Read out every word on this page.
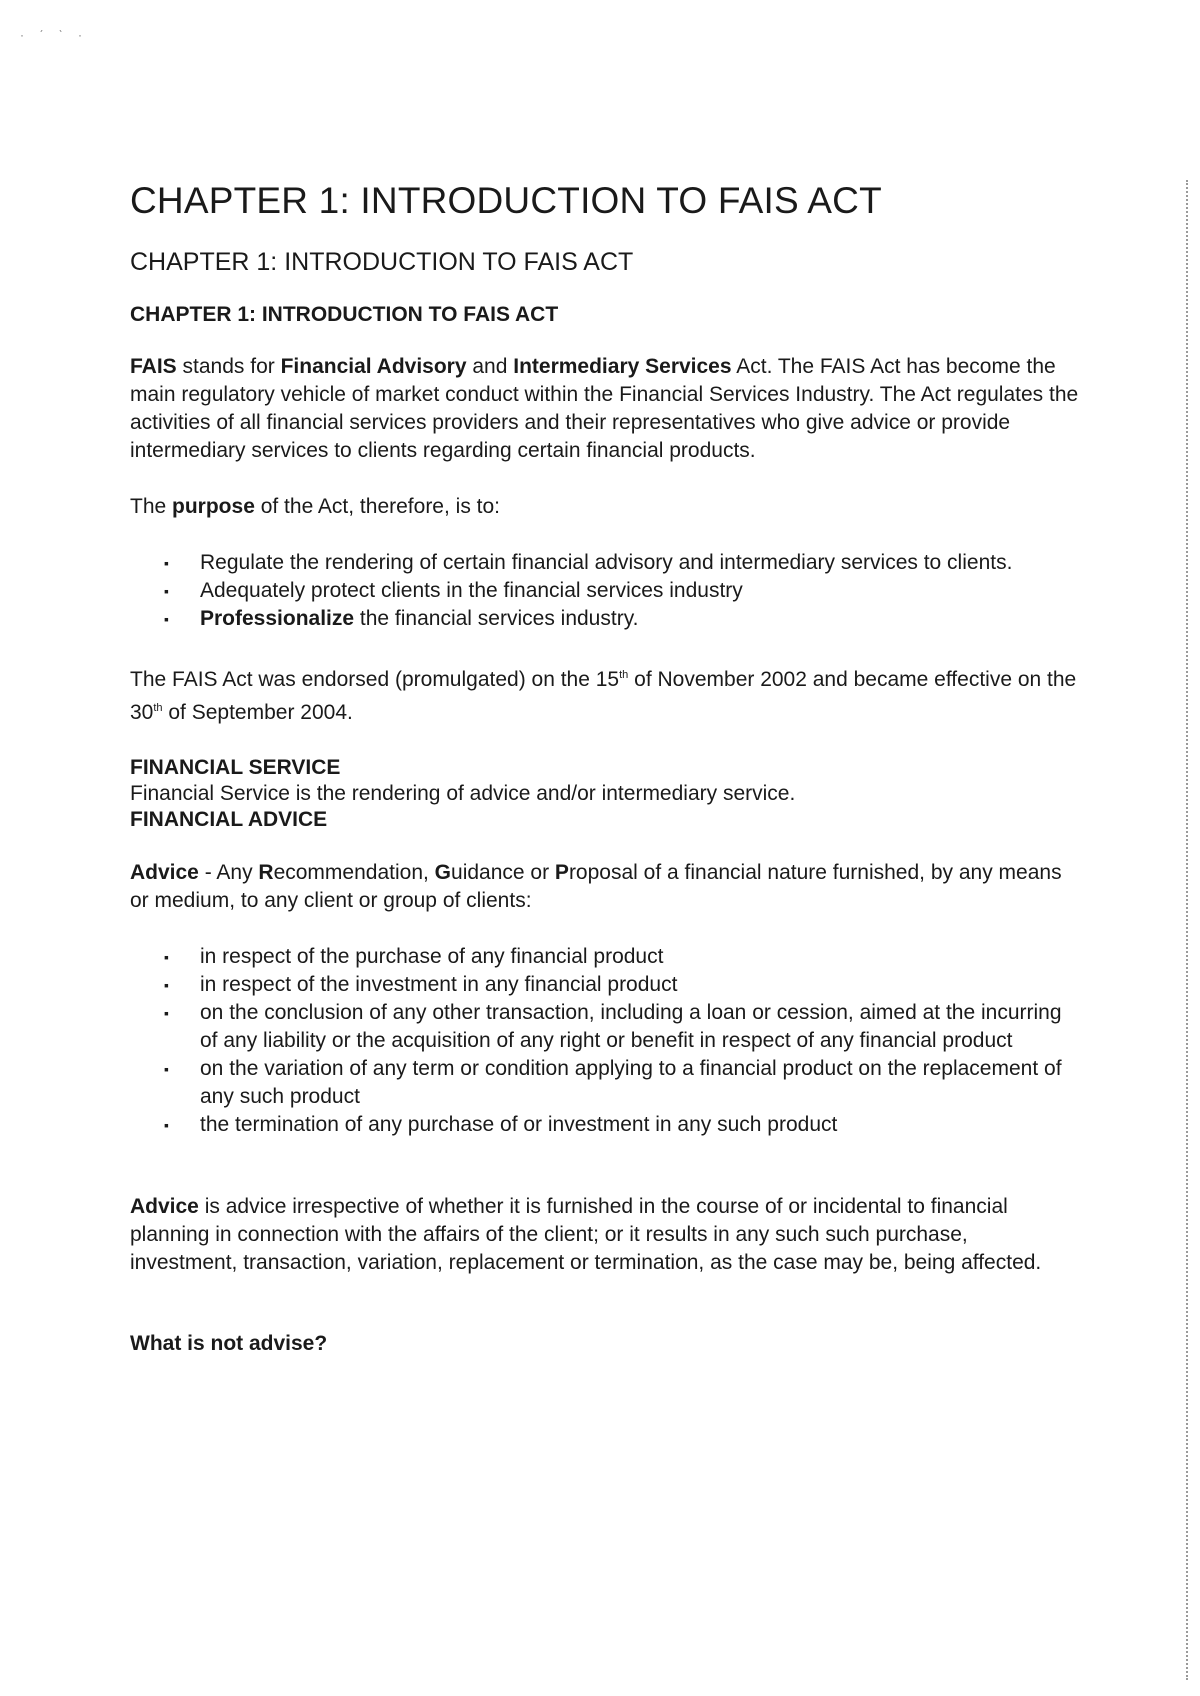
· ˊ ˋ ·
CHAPTER 1: INTRODUCTION TO FAIS ACT
CHAPTER 1: INTRODUCTION TO FAIS ACT
CHAPTER 1: INTRODUCTION TO FAIS ACT

FAIS stands for Financial Advisory and Intermediary Services Act. The FAIS Act has become the main regulatory vehicle of market conduct within the Financial Services Industry. The Act regulates the activities of all financial services providers and their representatives who give advice or provide intermediary services to clients regarding certain financial products.

The purpose of the Act, therefore, is to:

▪ Regulate the rendering of certain financial advisory and intermediary services to clients.
▪ Adequately protect clients in the financial services industry
▪ Professionalize the financial services industry.

The FAIS Act was endorsed (promulgated) on the 15th of November 2002 and became effective on the 30th of September 2004.

FINANCIAL SERVICE
Financial Service is the rendering of advice and/or intermediary service.
FINANCIAL ADVICE

Advice - Any Recommendation, Guidance or Proposal of a financial nature furnished, by any means or medium, to any client or group of clients:

▪ in respect of the purchase of any financial product
▪ in respect of the investment in any financial product
▪ on the conclusion of any other transaction, including a loan or cession, aimed at the incurring of any liability or the acquisition of any right or benefit in respect of any financial product
▪ on the variation of any term or condition applying to a financial product on the replacement of any such product
▪ the termination of any purchase of or investment in any such product

Advice is advice irrespective of whether it is furnished in the course of or incidental to financial planning in connection with the affairs of the client; or it results in any such such purchase, investment, transaction, variation, replacement or termination, as the case may be, being affected.

What is not advise?
